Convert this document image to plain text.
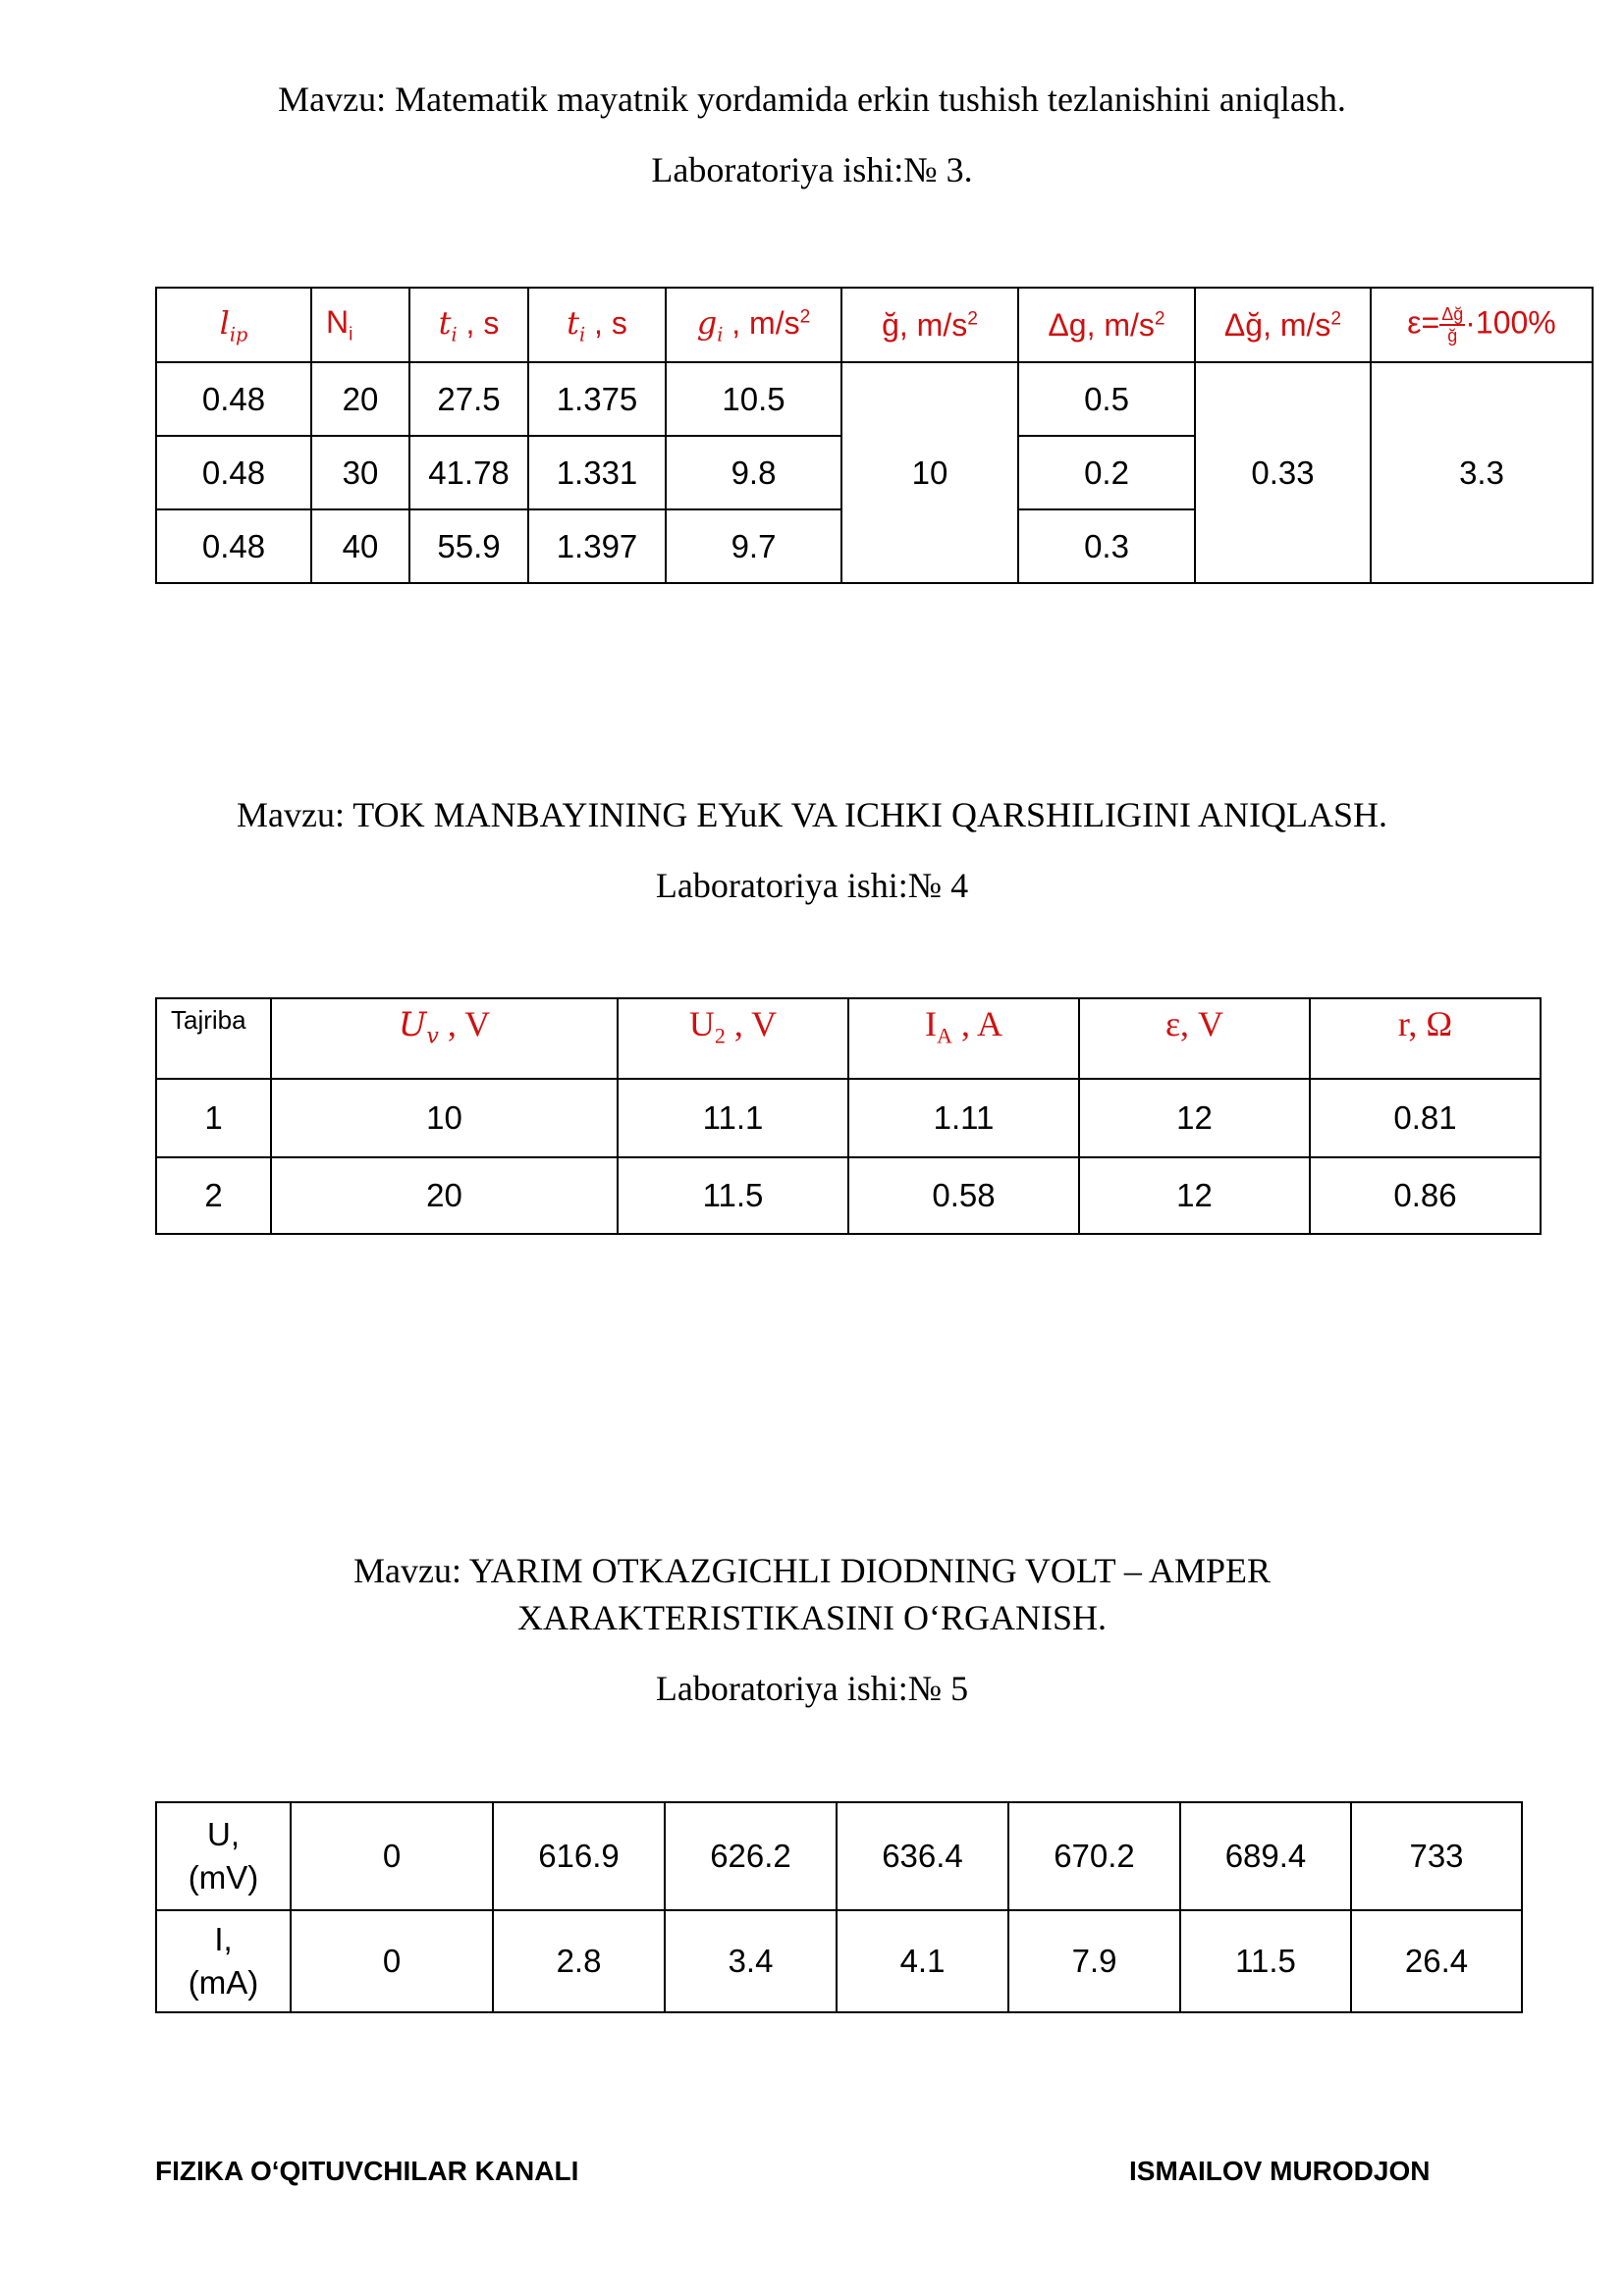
Mavzu: Matematik mayatnik yordamida erkin tushish tezlanishini aniqlash.
Laboratoriya ishi:№ 3.
$l_{ip}$	$N_i$	$t_i$ , s	$t_i$ , s	$g_i$ , $m/s^2$	ğ, $m/s^2$	Δg, $m/s^2$	Δğ, $m/s^2$	$\varepsilon= \frac{\Delta ğ}{ğ} \cdot 100\%$
0.48	20	27.5	1.375	10.5	10	0.5	0.33	3.3
0.48	30	41.78	1.331	9.8		0.2		
0.48	40	55.9	1.397	9.7		0.3		
Mavzu: TOK MANBAYINING EYuK VA ICHKI QARSHILIGINI ANIQLASH.
Laboratoriya ishi:№ 4
Tajriba	$U_v$ , V	$U_2$ , V	$I_A$ , A	ε, V	r, Ω
1	10	11.1	1.11	12	0.81
2	20	11.5	0.58	12	0.86
Mavzu: YARIM OTKAZGICHLI DIODNING VOLT – AMPER
XARAKTERISTIKASINI O‘RGANISH.
Laboratoriya ishi:№ 5
U,
(mV)	0	616.9	626.2	636.4	670.2	689.4	733
I,
(mA)	0	2.8	3.4	4.1	7.9	11.5	26.4
FIZIKA O‘QITUVCHILAR KANALI	ISMAILOV MURODJON
